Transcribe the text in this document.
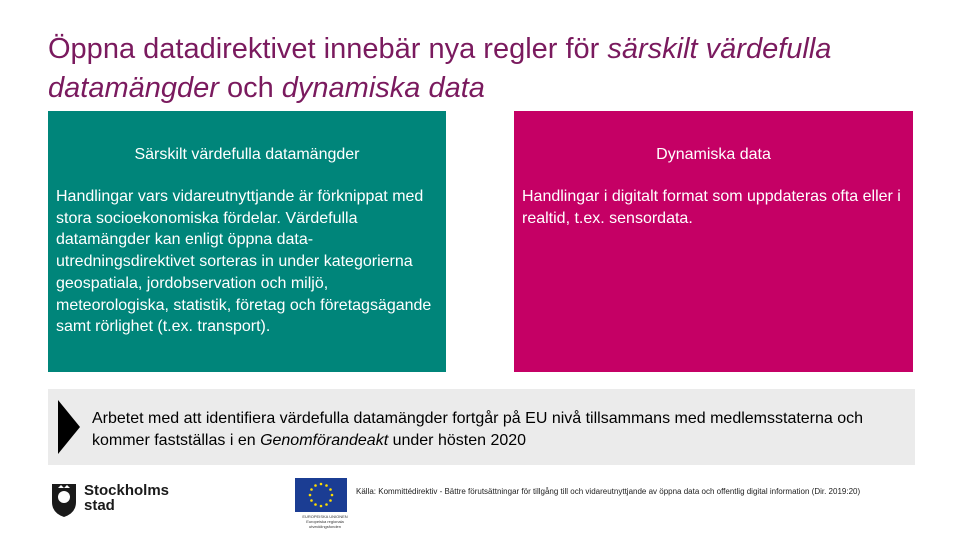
Öppna datadirektivet innebär nya regler för särskilt värdefulla datamängder och dynamiska data
Särskilt värdefulla datamängder
Handlingar vars vidareutnyttjande är förknippat med stora socioekonomiska fördelar. Värdefulla datamängder kan enligt öppna data-utredningsdirektivet sorteras in under kategorierna geospatiala, jordobservation och miljö, meteorologiska, statistik, företag och företagsägande samt rörlighet (t.ex. transport).
Dynamiska data
Handlingar i digitalt format som uppdateras ofta eller i realtid, t.ex. sensordata.
Arbetet med att identifiera värdefulla datamängder fortgår på EU nivå tillsammans med medlemsstaterna och kommer fastställas i en Genomförandeakt under hösten 2020
Stockholms
stad
EUROPEISKA UNIONEN Europeiska regionala utvecklingsfonden
Källa: Kommittédirektiv - Bättre förutsättningar för tillgång till och vidareutnyttjande av öppna data och offentlig digital information (Dir. 2019:20)
